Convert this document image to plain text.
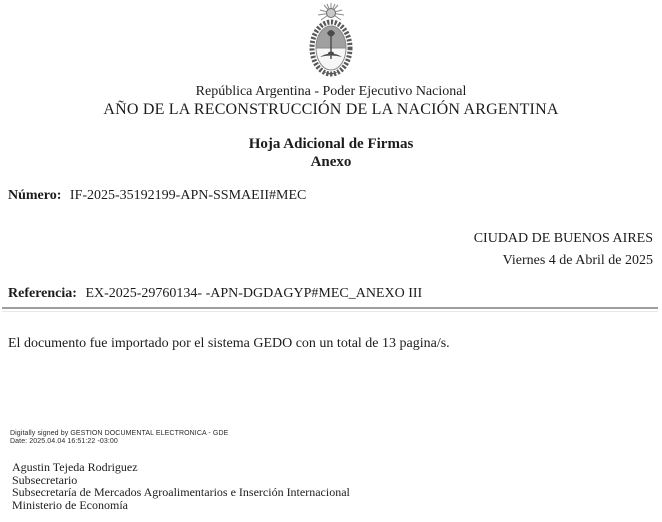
República Argentina - Poder Ejecutivo Nacional
AÑO DE LA RECONSTRUCCIÓN DE LA NACIÓN ARGENTINA
Hoja Adicional de Firmas
Anexo
Número: IF-2025-35192199-APN-SSMAEII#MEC
CIUDAD DE BUENOS AIRES
Viernes 4 de Abril de 2025
Referencia: EX-2025-29760134- -APN-DGDAGYP#MEC_ANEXO III
El documento fue importado por el sistema GEDO con un total de 13 pagina/s.
Digitally signed by GESTION DOCUMENTAL ELECTRONICA - GDE
Date: 2025.04.04 16:51:22 -03:00
Agustin Tejeda Rodriguez
Subsecretario
Subsecretaría de Mercados Agroalimentarios e Inserción Internacional
Ministerio de Economía
